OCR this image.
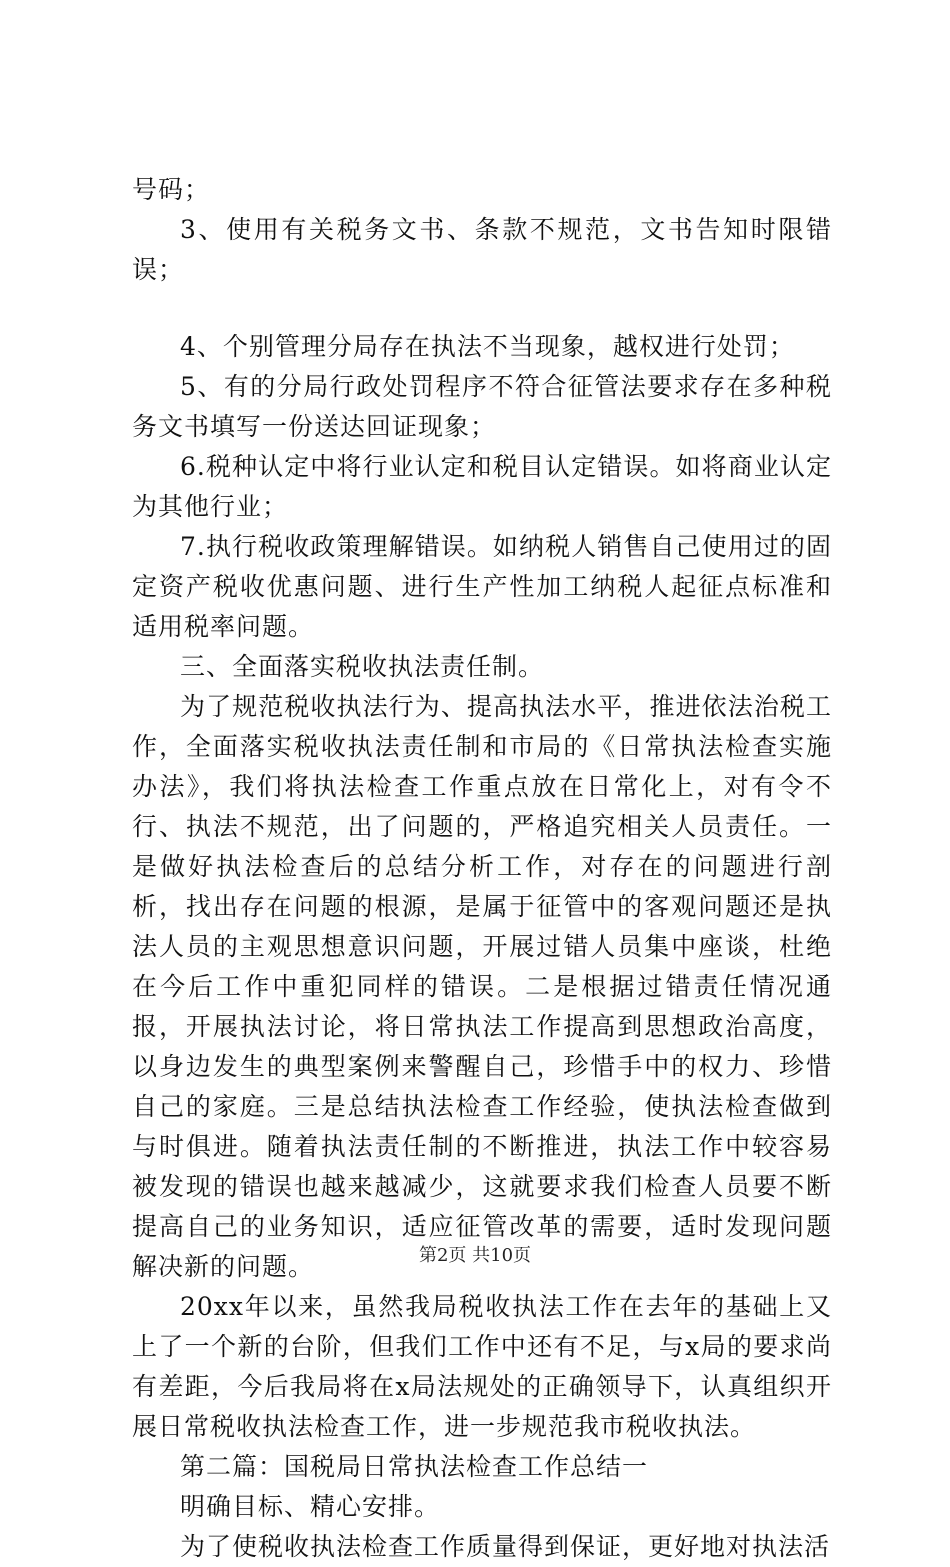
号码；

3、使用有关税务文书、条款不规范，文书告知时限错误；

4、个别管理分局存在执法不当现象，越权进行处罚；

5、有的分局行政处罚程序不符合征管法要求存在多种税务文书填写一份送达回证现象；

6.税种认定中将行业认定和税目认定错误。如将商业认定为其他行业；

7.执行税收政策理解错误。如纳税人销售自己使用过的固定资产税收优惠问题、进行生产性加工纳税人起征点标准和适用税率问题。

三、全面落实税收执法责任制。

为了规范税收执法行为、提高执法水平，推进依法治税工作，全面落实税收执法责任制和市局的《日常执法检查实施办法》，我们将执法检查工作重点放在日常化上，对有令不行、执法不规范，出了问题的，严格追究相关人员责任。一是做好执法检查后的总结分析工作，对存在的问题进行剖析，找出存在问题的根源，是属于征管中的客观问题还是执法人员的主观思想意识问题，开展过错人员集中座谈，杜绝在今后工作中重犯同样的错误。二是根据过错责任情况通报，开展执法讨论，将日常执法工作提高到思想政治高度，以身边发生的典型案例来警醒自己，珍惜手中的权力、珍惜自己的家庭。三是总结执法检查工作经验，使执法检查做到与时俱进。随着执法责任制的不断推进，执法工作中较容易被发现的错误也越来越减少，这就要求我们检查人员要不断提高自己的业务知识，适应征管改革的需要，适时发现问题解决新的问题。

20xx年以来，虽然我局税收执法工作在去年的基础上又上了一个新的台阶，但我们工作中还有不足，与x局的要求尚有差距，今后我局将在x局法规处的正确领导下，认真组织开展日常税收执法检查工作，进一步规范我市税收执法。

第二篇：国税局日常执法检查工作总结一

明确目标、精心安排。

为了使税收执法检查工作质量得到保证，更好地对执法活

第2页 共10页
